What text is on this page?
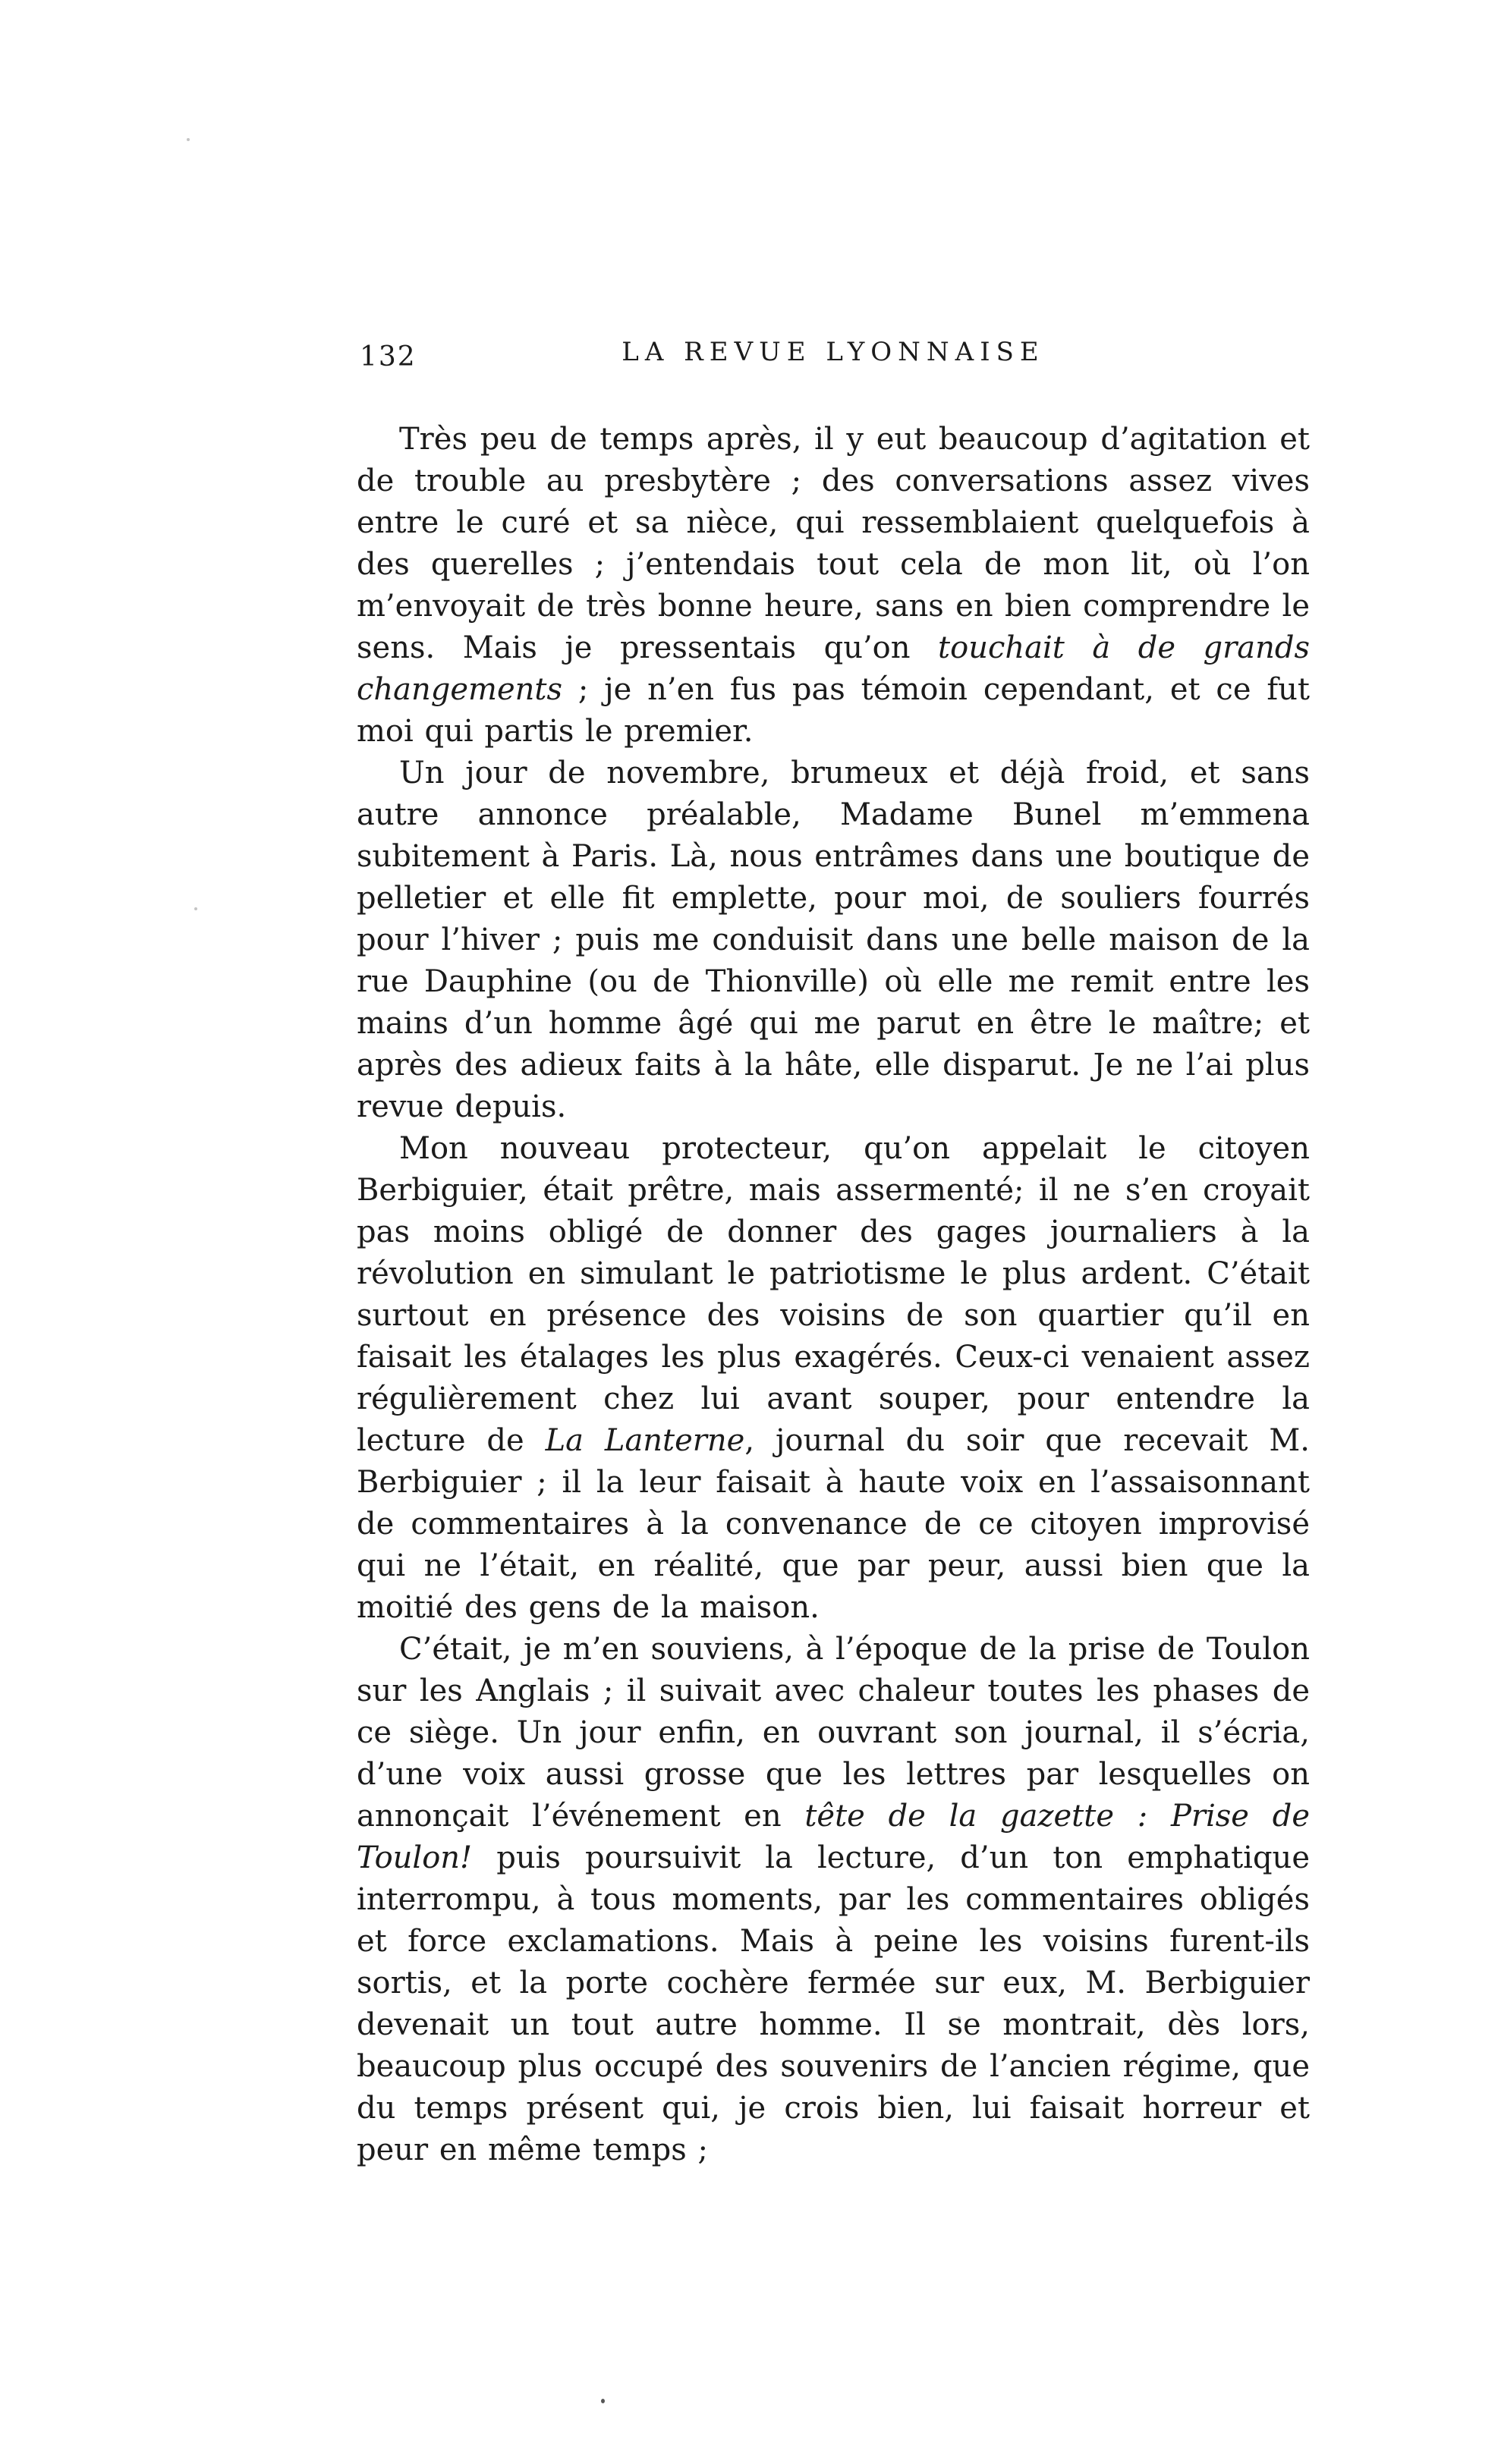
132	LA REVUE LYONNAISE

Très peu de temps après, il y eut beaucoup d’agitation et de trouble au presbytère ; des conversations assez vives entre le curé et sa nièce, qui ressemblaient quelquefois à des querelles ; j’entendais tout cela de mon lit, où l’on m’envoyait de très bonne heure, sans en bien comprendre le sens. Mais je pressentais qu’on touchait à de grands changements ; je n’en fus pas témoin cependant, et ce fut moi qui partis le premier.

Un jour de novembre, brumeux et déjà froid, et sans autre annonce préalable, Madame Bunel m’emmena subitement à Paris. Là, nous entrâmes dans une boutique de pelletier et elle fit emplette, pour moi, de souliers fourrés pour l’hiver ; puis me conduisit dans une belle maison de la rue Dauphine (ou de Thionville) où elle me remit entre les mains d’un homme âgé qui me parut en être le maître; et après des adieux faits à la hâte, elle disparut. Je ne l’ai plus revue depuis.

Mon nouveau protecteur, qu’on appelait le citoyen Berbiguier, était prêtre, mais assermenté; il ne s’en croyait pas moins obligé de donner des gages journaliers à la révolution en simulant le patriotisme le plus ardent. C’était surtout en présence des voisins de son quartier qu’il en faisait les étalages les plus exagérés. Ceux-ci venaient assez régulièrement chez lui avant souper, pour entendre la lecture de La Lanterne, journal du soir que recevait M. Berbiguier ; il la leur faisait à haute voix en l’assaisonnant de commentaires à la convenance de ce citoyen improvisé qui ne l’était, en réalité, que par peur, aussi bien que la moitié des gens de la maison.

C’était, je m’en souviens, à l’époque de la prise de Toulon sur les Anglais ; il suivait avec chaleur toutes les phases de ce siège. Un jour enfin, en ouvrant son journal, il s’écria, d’une voix aussi grosse que les lettres par lesquelles on annonçait l’événement en tête de la gazette : Prise de Toulon! puis poursuivit la lecture, d’un ton emphatique interrompu, à tous moments, par les commentaires obligés et force exclamations. Mais à peine les voisins furent-ils sortis, et la porte cochère fermée sur eux, M. Berbiguier devenait un tout autre homme. Il se montrait, dès lors, beaucoup plus occupé des souvenirs de l’ancien régime, que du temps présent qui, je crois bien, lui faisait horreur et peur en même temps ;
